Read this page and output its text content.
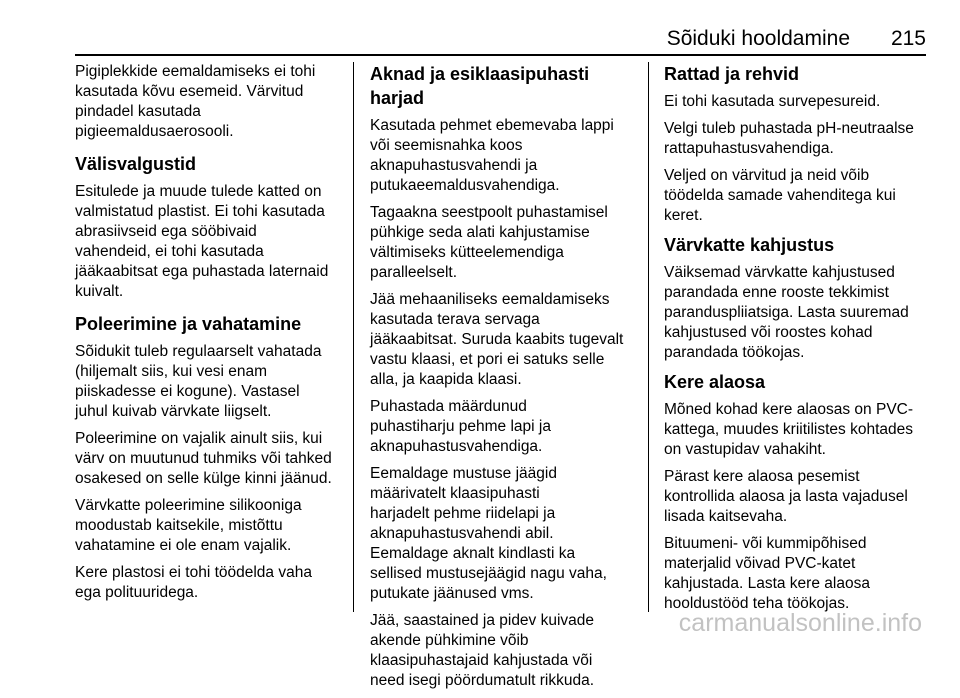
Sõiduki hooldamine 215

Pigiplekkide eemaldamiseks ei tohi
kasutada kõvu esemeid. Värvitud
pindadel kasutada
pigieemaldusaerosooli.

Välisvalgustid

Esitulede ja muude tulede katted on
valmistatud plastist. Ei tohi kasutada
abrasiivseid ega sööbivaid
vahendeid, ei tohi kasutada
jääkaabitsat ega puhastada laternaid
kuivalt.

Poleerimine ja vahatamine

Sõidukit tuleb regulaarselt vahatada
(hiljemalt siis, kui vesi enam
piiskadesse ei kogune). Vastasel
juhul kuivab värvkate liigselt.

Poleerimine on vajalik ainult siis, kui
värv on muutunud tuhmiks või tahked
osakesed on selle külge kinni jäänud.

Värvkatte poleerimine silikooniga
moodustab kaitsekile, mistõttu
vahatamine ei ole enam vajalik.

Kere plastosi ei tohi töödelda vaha
ega polituuridega.

Aknad ja esiklaasipuhasti harjad

Kasutada pehmet ebemevaba lappi
või seemisnahka koos
aknapuhastusvahendi ja
putukaeemaldusvahendiga.

Tagaakna seestpoolt puhastamisel
pühkige seda alati kahjustamise
vältimiseks kütteelemendiga
paralleelselt.

Jää mehaaniliseks eemaldamiseks
kasutada terava servaga
jääkaabitsat. Suruda kaabits tugevalt
vastu klaasi, et pori ei satuks selle
alla, ja kaapida klaasi.

Puhastada määrdunud
puhastiharju pehme lapi ja
aknapuhastusvahendiga.

Eemaldage mustuse jäägid
määrivatelt klaasipuhasti
harjadelt pehme riidelapi ja
aknapuhastusvahendi abil.
Eemaldage aknalt kindlasti ka
sellised mustusejäägid nagu vaha,
putukate jäänused vms.

Jää, saastained ja pidev kuivade
akende pühkimine võib
klaasipuhastajaid kahjustada või
need isegi pöördumatult rikkuda.

Rattad ja rehvid

Ei tohi kasutada survepesureid.

Velgi tuleb puhastada pH-neutraalse
rattapuhastusvahendiga.

Veljed on värvitud ja neid võib
töödelda samade vahenditega kui
keret.

Värvkatte kahjustus

Väiksemad värvkatte kahjustused
parandada enne rooste tekkimist
paranduspliiatsiga. Lasta suuremad
kahjustused või roostes kohad
parandada töökojas.

Kere alaosa

Mõned kohad kere alaosas on PVC-
kattega, muudes kriitilistes kohtades
on vastupidav vahakiht.

Pärast kere alaosa pesemist
kontrollida alaosa ja lasta vajadusel
lisada kaitsevaha.

Bituumeni- või kummipõhised
materjalid võivad PVC-katet
kahjustada. Lasta kere alaosa
hooldustööd teha töökojas.

carmanualsonline.info
